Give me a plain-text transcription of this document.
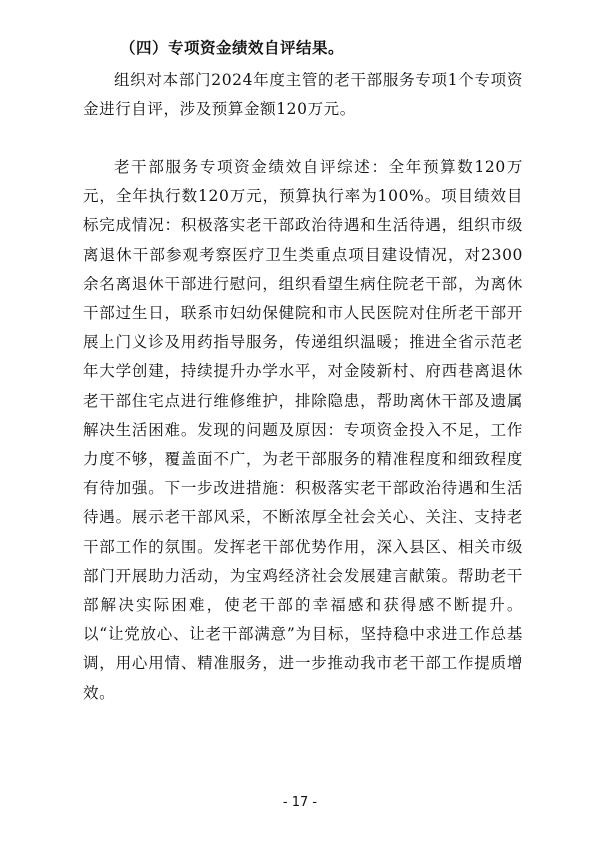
（四）专项资金绩效自评结果。

组织对本部门2024年度主管的老干部服务专项1个专项资金进行自评，涉及预算金额120万元。

老干部服务专项资金绩效自评综述：全年预算数120万元，全年执行数120万元，预算执行率为100%。项目绩效目标完成情况：积极落实老干部政治待遇和生活待遇，组织市级离退休干部参观考察医疗卫生类重点项目建设情况，对2300余名离退休干部进行慰问，组织看望生病住院老干部，为离休干部过生日，联系市妇幼保健院和市人民医院对住所老干部开展上门义诊及用药指导服务，传递组织温暖；推进全省示范老年大学创建，持续提升办学水平，对金陵新村、府西巷离退休老干部住宅点进行维修维护，排除隐患，帮助离休干部及遗属解决生活困难。发现的问题及原因：专项资金投入不足，工作力度不够，覆盖面不广，为老干部服务的精准程度和细致程度有待加强。下一步改进措施：积极落实老干部政治待遇和生活待遇。展示老干部风采，不断浓厚全社会关心、关注、支持老干部工作的氛围。发挥老干部优势作用，深入县区、相关市级部门开展助力活动，为宝鸡经济社会发展建言献策。帮助老干部解决实际困难，使老干部的幸福感和获得感不断提升。以“让党放心、让老干部满意”为目标，坚持稳中求进工作总基调，用心用情、精准服务，进一步推动我市老干部工作提质增效。

- 17 -
